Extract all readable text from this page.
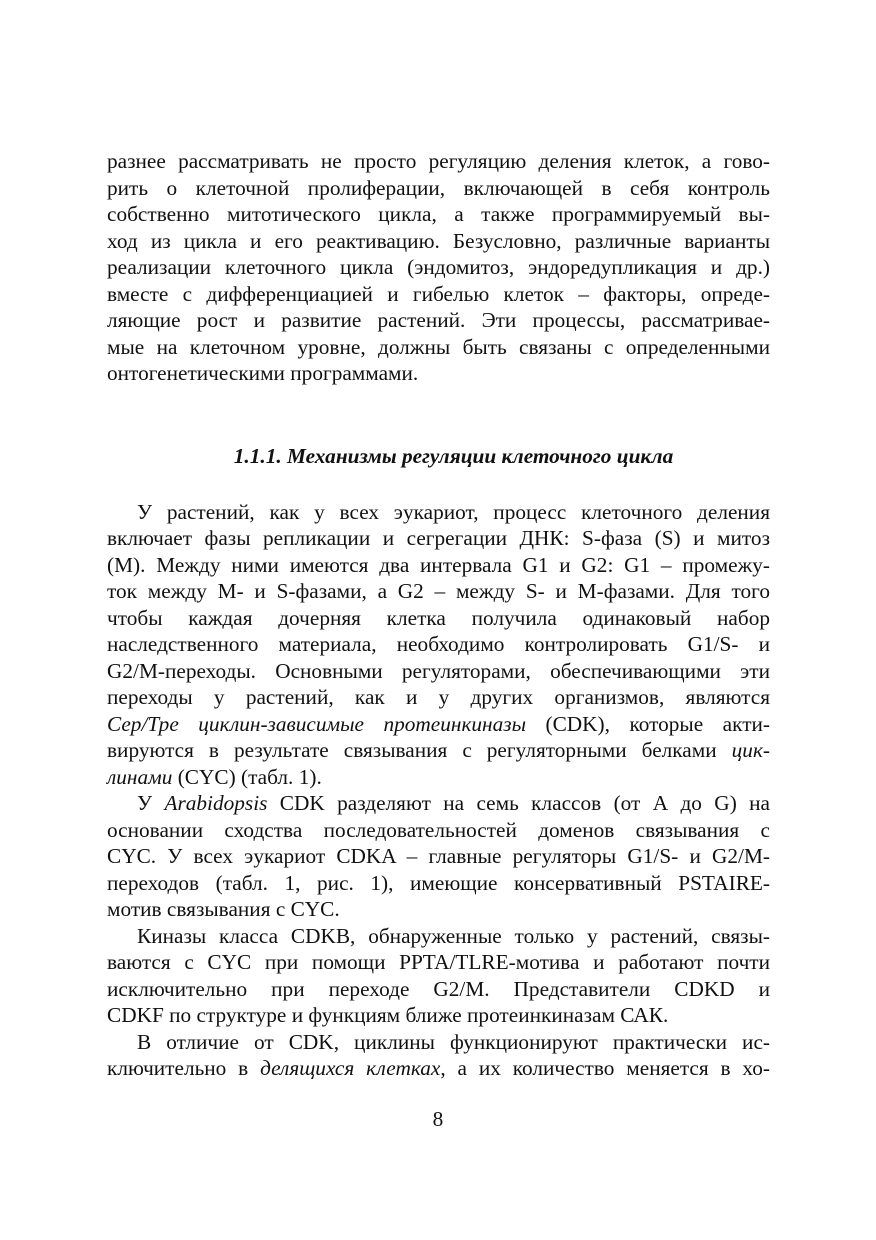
разнее рассматривать не просто регуляцию деления клеток, а гово-
рить о клеточной пролиферации, включающей в себя контроль
собственно митотического цикла, а также программируемый вы-
ход из цикла и его реактивацию. Безусловно, различные варианты
реализации клеточного цикла (эндомитоз, эндоредупликация и др.)
вместе с дифференциацией и гибелью клеток – факторы, опреде-
ляющие рост и развитие растений. Эти процессы, рассматривае-
мые на клеточном уровне, должны быть связаны с определенными
онтогенетическими программами.
1.1.1. Механизмы регуляции клеточного цикла
У растений, как у всех эукариот, процесс клеточного деления
включает фазы репликации и сегрегации ДНК: S-фаза (S) и митоз
(М). Между ними имеются два интервала G1 и G2: G1 – промежу-
ток между М- и S-фазами, а G2 – между S- и М-фазами. Для того
чтобы каждая дочерняя клетка получила одинаковый набор
наследственного материала, необходимо контролировать G1/S- и
G2/M-переходы. Основными регуляторами, обеспечивающими эти
переходы у растений, как и у других организмов, являются
Сер/Тре циклин-зависимые протеинкиназы (CDK), которые акти-
вируются в результате связывания с регуляторными белками цик-
линами (CYC) (табл. 1).
У Arabidopsis CDK разделяют на семь классов (от А до G) на
основании сходства последовательностей доменов связывания с
CYC. У всех эукариот CDKA – главные регуляторы G1/S- и G2/M-
переходов (табл. 1, рис. 1), имеющие консервативный PSTAIRE-
мотив связывания с CYC.
Киназы класса CDKB, обнаруженные только у растений, связы-
ваются с CYC при помощи PPTA/TLRE-мотива и работают почти
исключительно при переходе G2/M. Представители CDKD и
CDKF по структуре и функциям ближе протеинкиназам САК.
В отличие от CDK, циклины функционируют практически ис-
ключительно в делящихся клетках, а их количество меняется в хо-
8
